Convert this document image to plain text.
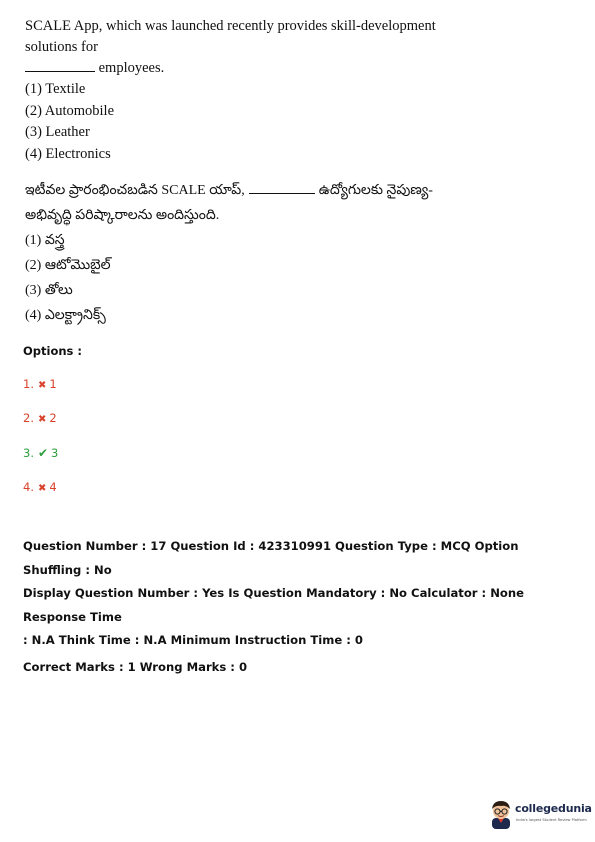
SCALE App, which was launched recently provides skill-development solutions for

employees.

(1) Textile

(2) Automobile

(3) Leather

(4) Electronics

ఇటీవల ప్రారంభించబడిన SCALE యాప్,	ఉద్యోగులకు నైపుణ్య-

అభివృద్ధి పరిష్కారాలను అందిస్తుంది.

(1) వస్త్ర

(2) ఆటోమొబైల్

(3) తోలు

(4) ఎలక్ట్రానిక్స్

Options :
1. ✖ 1
2. ✖ 2
3. ✔ 3
4. ✖ 4

Question Number : 17 Question Id : 423310991 Question Type : MCQ Option Shuffling : No

Display Question Number : Yes Is Question Mandatory : No Calculator : None Response Time

: N.A Think Time : N.A Minimum Instruction Time : 0

Correct Marks : 1 Wrong Marks : 0

collegedunia
India's largest Student Review Platform
